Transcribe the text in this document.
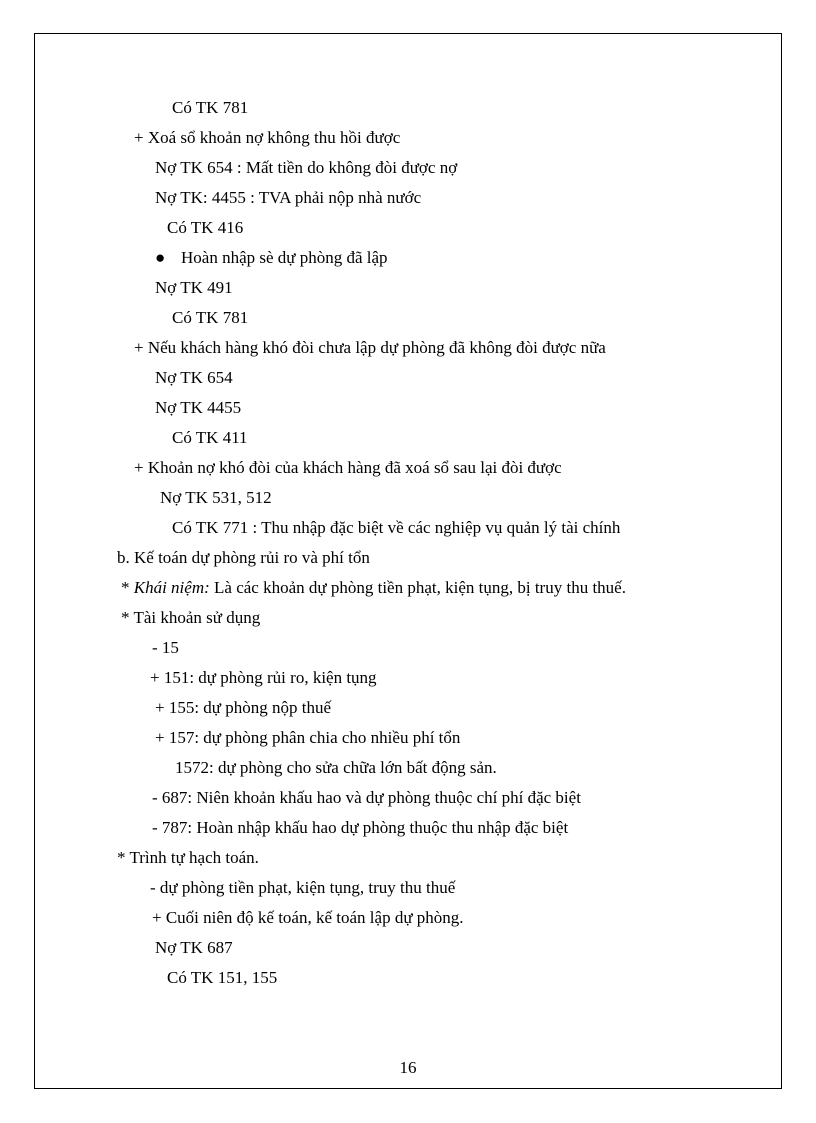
Có TK 781
+ Xoá sổ khoản nợ không thu hồi được
Nợ TK 654 : Mất tiền do không đòi được nợ
Nợ TK: 4455 : TVA phải nộp nhà nước
Có TK 416
● Hoàn nhập sè dự phòng đã lập
Nợ TK 491
Có TK 781
+ Nếu khách hàng khó đòi chưa lập dự phòng đã không đòi được nữa
Nợ TK 654
Nợ TK 4455
Có TK 411
+ Khoản nợ khó đòi của khách hàng đã xoá sổ sau lại đòi được
Nợ TK 531, 512
Có TK 771 : Thu nhập đặc biệt về các nghiệp vụ quản lý tài chính
b. Kế toán dự phòng rủi ro và phí tổn
* Khái niệm: Là các khoản dự phòng tiền phạt, kiện tụng, bị truy thu thuế.
* Tài khoản sử dụng
- 15
+ 151: dự phòng rủi ro, kiện tụng
+ 155: dự phòng nộp thuế
+ 157: dự phòng phân chia cho nhiều phí tổn
1572: dự phòng cho sửa chữa lớn bất động sản.
- 687: Niên khoản khấu hao và dự phòng thuộc chí phí đặc biệt
- 787: Hoàn nhập khấu hao dự phòng thuộc thu nhập đặc biệt
* Trình tự hạch toán.
- dự phòng tiền phạt, kiện tụng, truy thu thuế
+ Cuối niên độ kế toán, kế toán lập dự phòng.
Nợ TK 687
Có TK 151, 155
16
